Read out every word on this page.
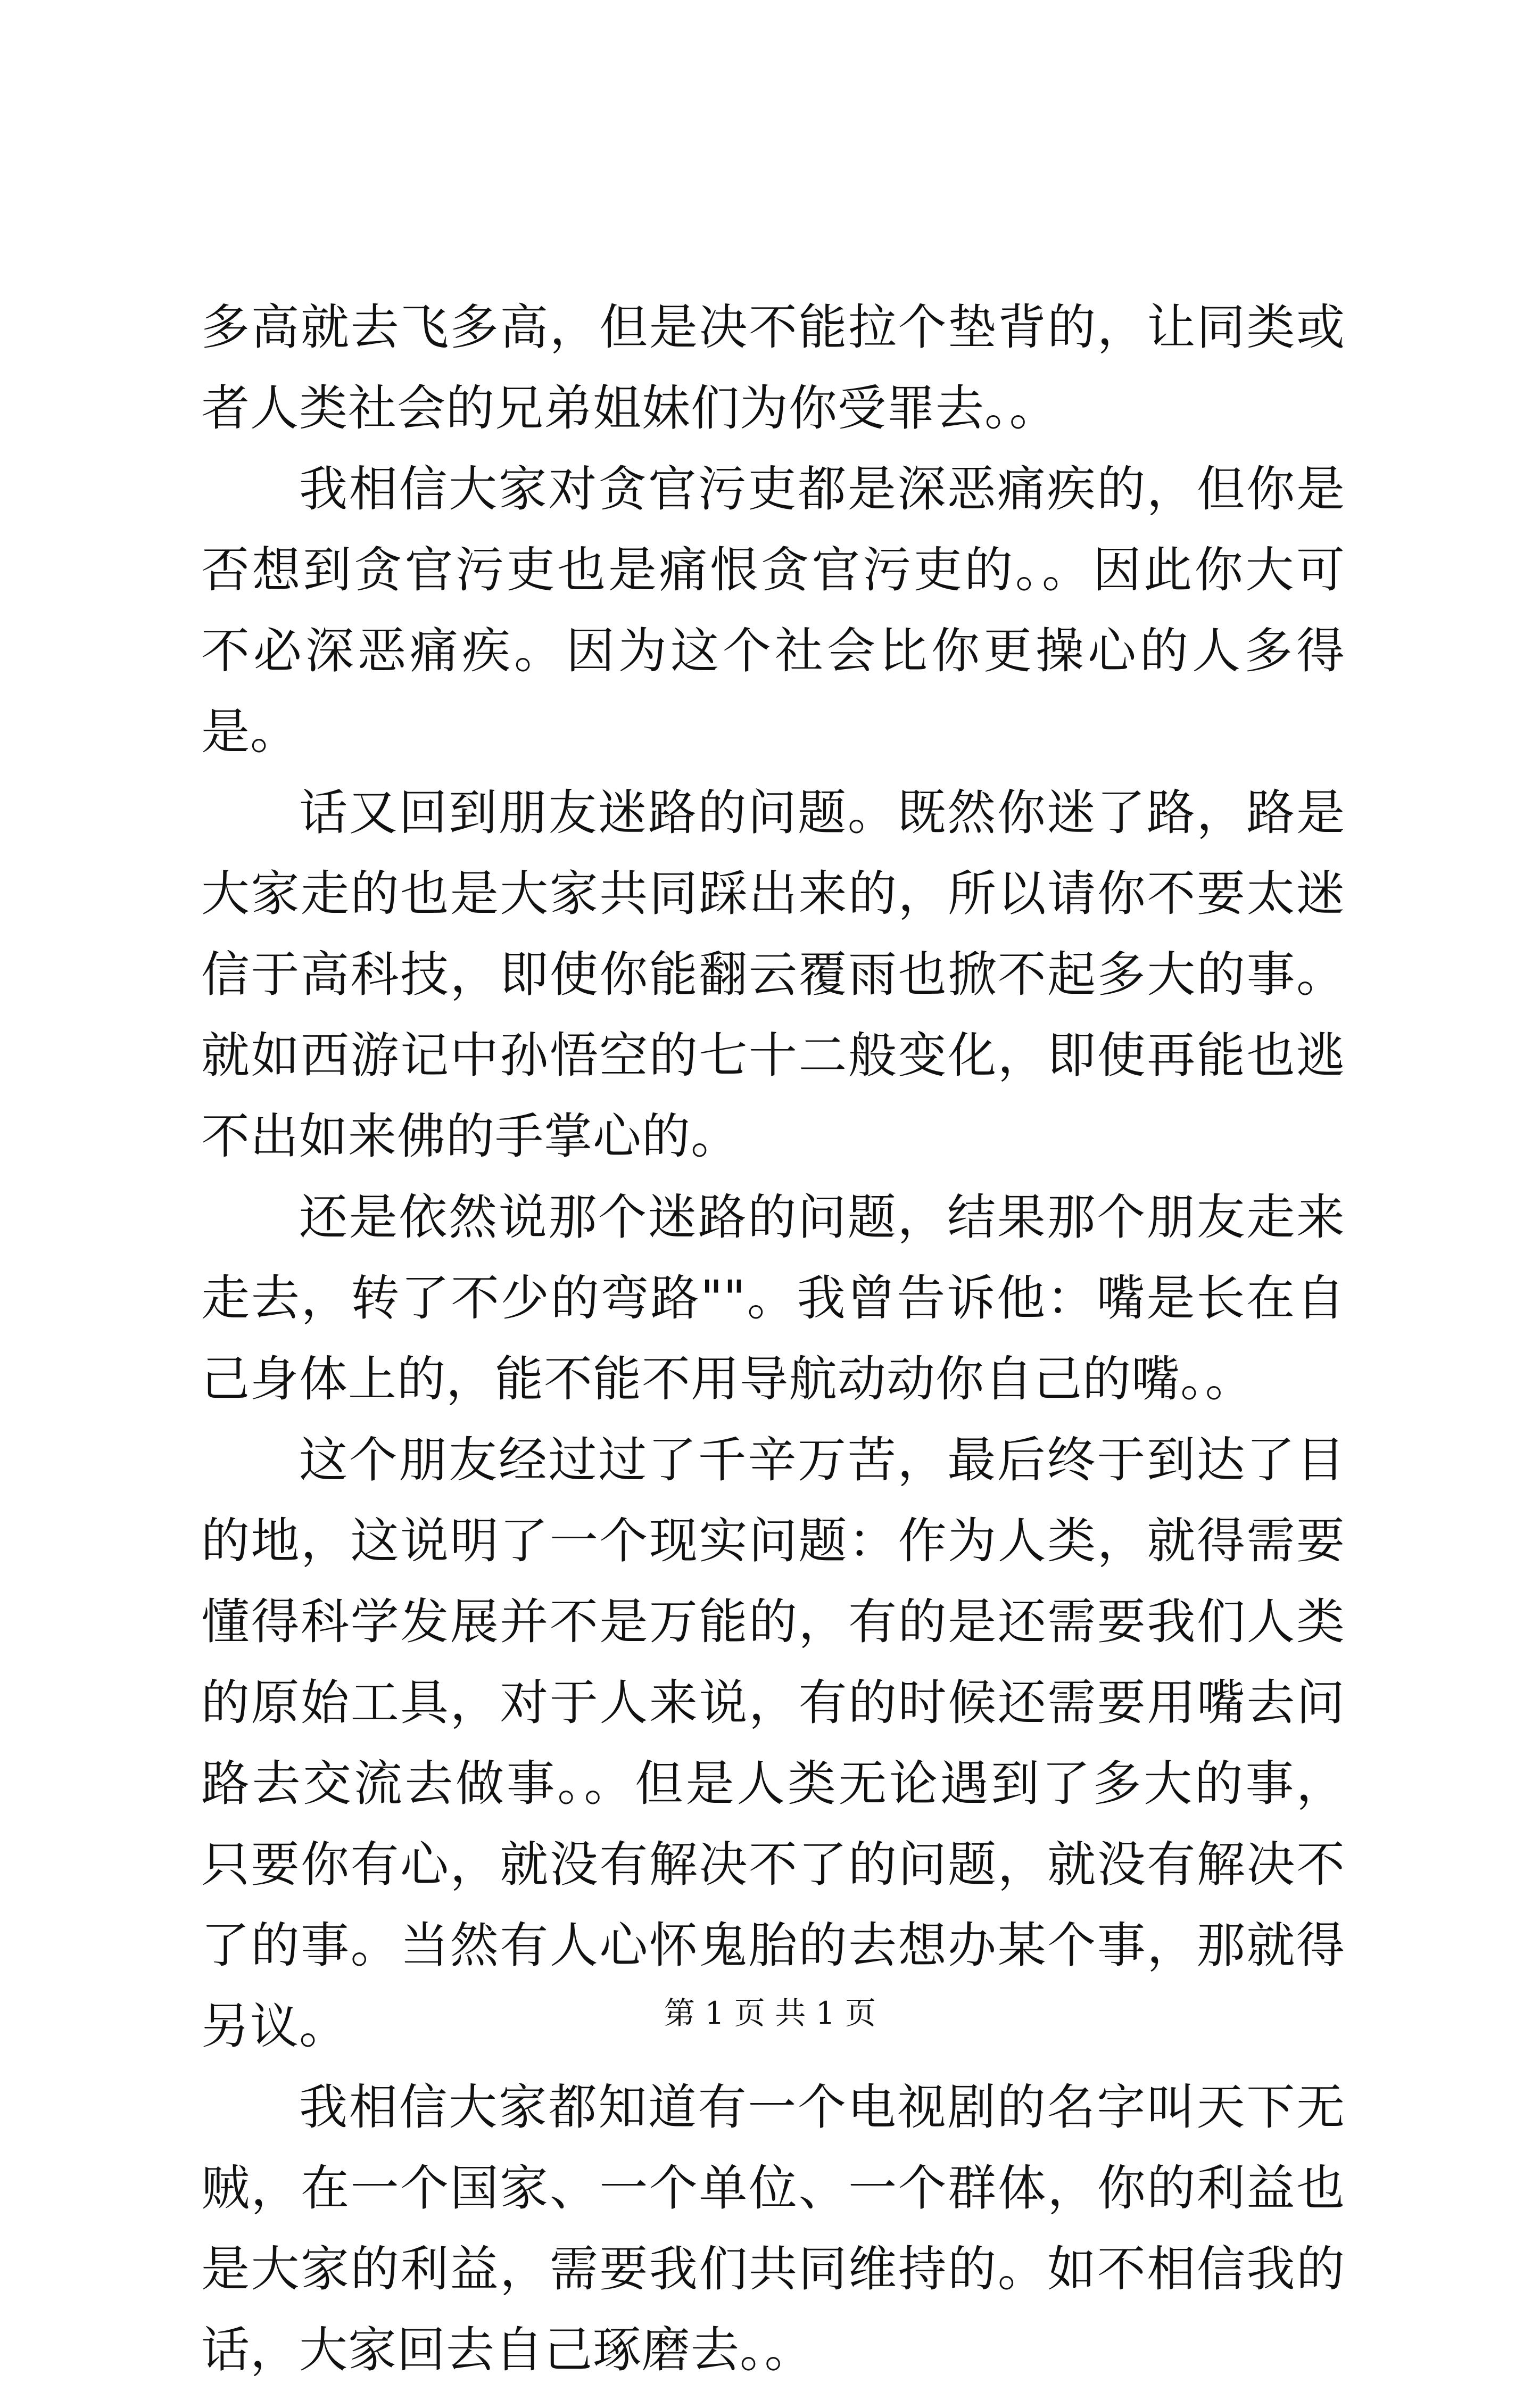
多高就去飞多高，但是决不能拉个垫背的，让同类或者人类社会的兄弟姐妹们为你受罪去。。

我相信大家对贪官污吏都是深恶痛疾的，但你是否想到贪官污吏也是痛恨贪官污吏的。。因此你大可不必深恶痛疾。因为这个社会比你更操心的人多得是。

话又回到朋友迷路的问题。既然你迷了路，路是大家走的也是大家共同踩出来的，所以请你不要太迷信于高科技，即使你能翻云覆雨也掀不起多大的事。就如西游记中孙悟空的七十二般变化，即使再能也逃不出如来佛的手掌心的。

还是依然说那个迷路的问题，结果那个朋友走来走去，转了不少的弯路""。我曾告诉他：嘴是长在自己身体上的，能不能不用导航动动你自己的嘴。。

这个朋友经过过了千辛万苦，最后终于到达了目的地，这说明了一个现实问题：作为人类，就得需要懂得科学发展并不是万能的，有的是还需要我们人类的原始工具，对于人来说，有的时候还需要用嘴去问路去交流去做事。。但是人类无论遇到了多大的事，只要你有心，就没有解决不了的问题，就没有解决不了的事。当然有人心怀鬼胎的去想办某个事，那就得另议。

我相信大家都知道有一个电视剧的名字叫天下无贼，在一个国家、一个单位、一个群体，你的利益也是大家的利益，需要我们共同维持的。如不相信我的话，大家回去自己琢磨去。。

第 1 页 共 1 页
